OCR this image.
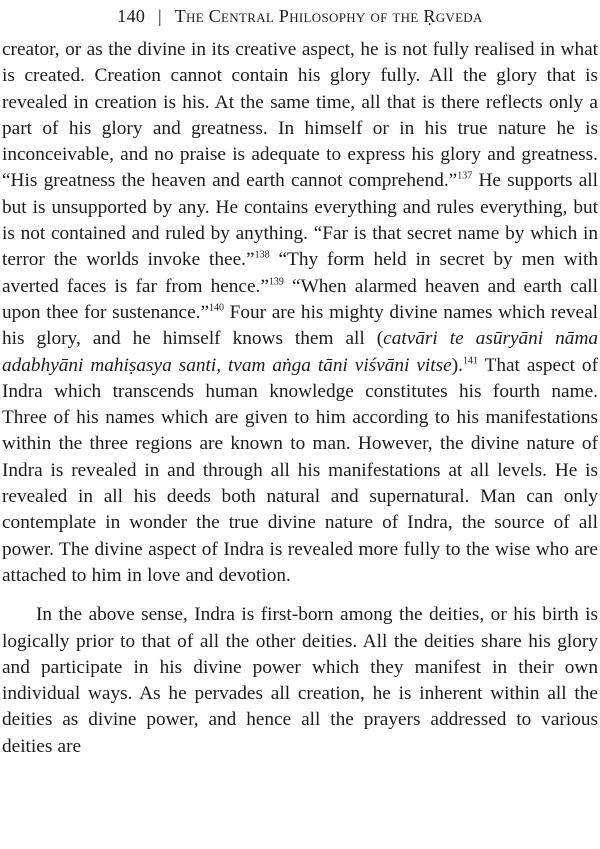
140 | The Central Philosophy of the Ṛgveda

creator, or as the divine in its creative aspect, he is not fully realised in what is created. Creation cannot contain his glory fully. All the glory that is revealed in creation is his. At the same time, all that is there reflects only a part of his glory and greatness. In himself or in his true nature he is inconceivable, and no praise is adequate to express his glory and greatness. “His greatness the heaven and earth cannot comprehend.”$^{137}$ He supports all but is unsupported by any. He contains everything and rules everything, but is not contained and ruled by anything. “Far is that secret name by which in terror the worlds invoke thee.”$^{138}$ “Thy form held in secret by men with averted faces is far from hence.”$^{139}$ “When alarmed heaven and earth call upon thee for sustenance.”$^{140}$ Four are his mighty divine names which reveal his glory, and he himself knows them all (catvāri te asūryāni nāma adabhyāni mahiṣasya santi, tvam aṅga tāni viśvāni vitse).$^{141}$ That aspect of Indra which transcends human knowledge constitutes his fourth name. Three of his names which are given to him according to his manifestations within the three regions are known to man. However, the divine nature of Indra is revealed in and through all his manifestations at all levels. He is revealed in all his deeds both natural and supernatural. Man can only contemplate in wonder the true divine nature of Indra, the source of all power. The divine aspect of Indra is revealed more fully to the wise who are attached to him in love and devotion.

In the above sense, Indra is first-born among the deities, or his birth is logically prior to that of all the other deities. All the deities share his glory and participate in his divine power which they manifest in their own individual ways. As he pervades all creation, he is inherent within all the deities as divine power, and hence all the prayers addressed to various deities are
